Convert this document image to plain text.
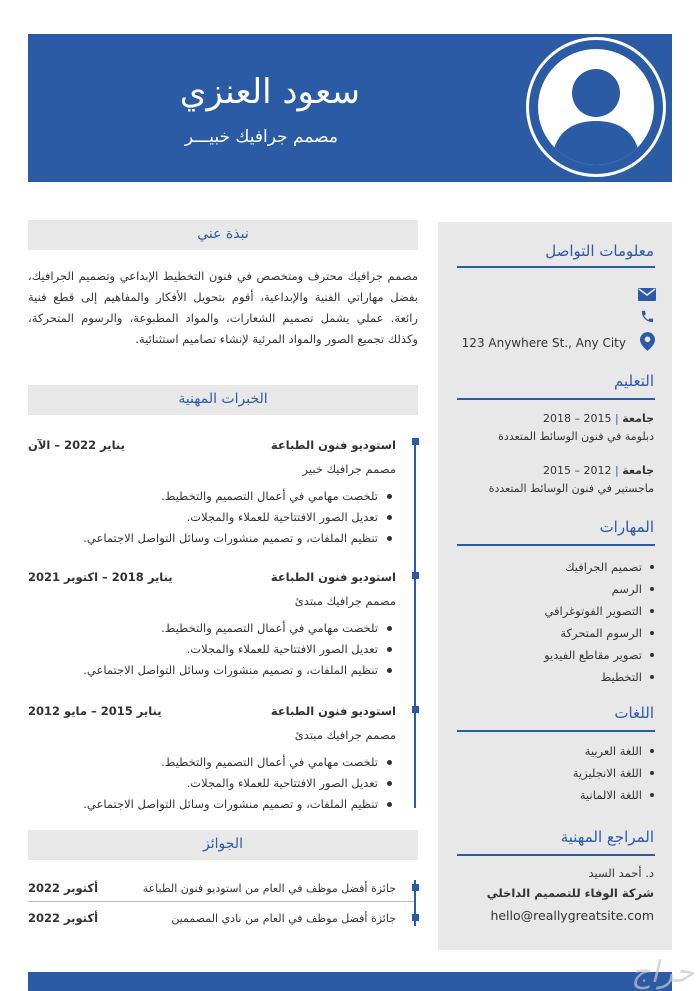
سعود العنزي
مصمم جرافيك خبيـــر
معلومات التواصل
123 Anywhere St., Any City
التعليم
جامعة | 2015 – 2018
دبلومة في فنون الوسائط المتعددة
جامعة | 2012 – 2015
ماجستير في فنون الوسائط المتعددة
المهارات
تصميم الجرافيك
الرسم
التصوير الفوتوغرافي
الرسوم المتحركة
تصوير مقاطع الفيديو
التخطيط
اللغات
اللغة العربية
اللغة الانجليزية
اللغة الالمانية
المراجع المهنية
د. أحمد السيد
شركة الوفاء للتصميم الداخلي
hello@reallygreatsite.com
نبذة عني
مصمم جرافيك محترف ومتخصص في فنون التخطيط الإبداعي وتصميم الجرافيك، بفضل مهاراتي الفنية والإبداعية، أقوم بتحويل الأفكار والمفاهيم إلى قطع فنية رائعة. عملي يشمل تصميم الشعارات، والمواد المطبوعة، والرسوم المتحركة، وكذلك تجميع الصور والمواد المرئية لإنشاء تصاميم استثنائية.
الخبرات المهنية
استوديو فنون الطباعة
يناير 2022 – الآن
مصمم جرافيك خبير
تلخصت مهامي في أعمال التصميم والتخطيط.
تعديل الصور الافتتاحية للعملاء والمجلات.
تنظيم الملفات، و تصميم منشورات وسائل التواصل الاجتماعي.
استوديو فنون الطباعة
يناير 2018 – اكتوبر 2021
مصمم جرافيك مبتدئ
تلخصت مهامي في أعمال التصميم والتخطيط.
تعديل الصور الافتتاحية للعملاء والمجلات.
تنظيم الملفات، و تصميم منشورات وسائل التواصل الاجتماعي.
استوديو فنون الطباعة
يناير 2015 – مايو 2012
مصمم جرافيك مبتدئ
تلخصت مهامي في أعمال التصميم والتخطيط.
تعديل الصور الافتتاحية للعملاء والمجلات.
تنظيم الملفات، و تصميم منشورات وسائل التواصل الاجتماعي.
الجوائز
جائزة أفضل موظف في العام من استوديو فنون الطباعة
أكتوبر 2022
جائزة أفضل موظف في العام من نادي المصممين
أكتوبر 2022
حراج
